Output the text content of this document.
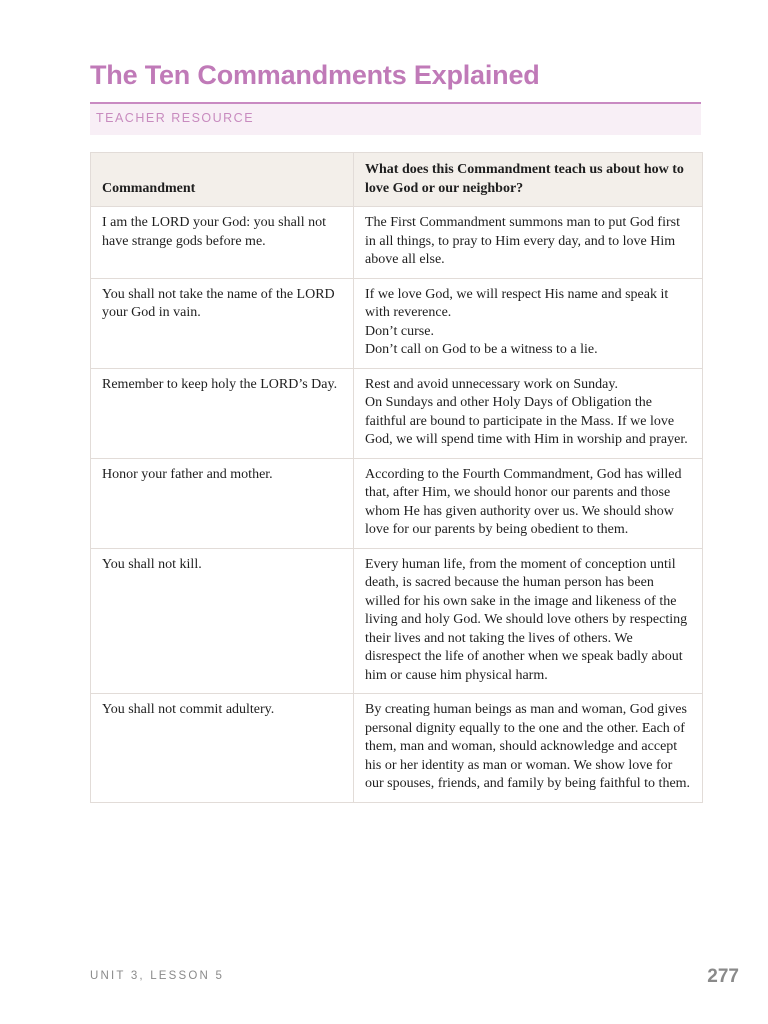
The Ten Commandments Explained
TEACHER RESOURCE
Commandment	What does this Commandment teach us about how to love God or our neighbor?
I am the LORD your God: you shall not have strange gods before me.	The First Commandment summons man to put God first in all things, to pray to Him every day, and to love Him above all else.

You shall not take the name of the LORD your God in vain.	If we love God, we will respect His name and speak it with reverence.
Don’t curse.
Don’t call on God to be a witness to a lie.

Remember to keep holy the LORD’s Day.	Rest and avoid unnecessary work on Sunday.
On Sundays and other Holy Days of Obligation the faithful are bound to participate in the Mass. If we love God, we will spend time with Him in worship and prayer.

Honor your father and mother.	According to the Fourth Commandment, God has willed that, after Him, we should honor our parents and those whom He has given authority over us. We should show love for our parents by being obedient to them.

You shall not kill.	Every human life, from the moment of conception until death, is sacred because the human person has been willed for his own sake in the image and likeness of the living and holy God. We should love others by respecting their lives and not taking the lives of others. We disrespect the life of another when we speak badly about him or cause him physical harm.

You shall not commit adultery.	By creating human beings as man and woman, God gives personal dignity equally to the one and the other. Each of them, man and woman, should acknowledge and accept his or her identity as man or woman. We show love for our spouses, friends, and family by being faithful to them.
UNIT 3, LESSON 5	277
